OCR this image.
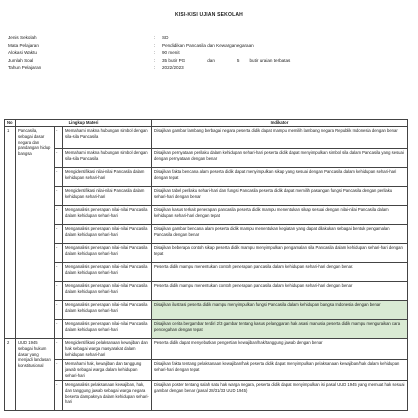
KISI-KISI UJIAN SEKOLAH
Jenis Sekolah	:	SD
Mata Pelajaran	:	Pendidikan Pancasila dan Kewarganegaraan
Alokasi Waktu	:	90 menit
Jumlah Soal	:	35 butir PG	dan	5 butir uraian terbatas
Tahun Pelajaran	:	2022/2023
No	Lingkup Materi			Indikator
1	Pancasila, sebagai dasar negara dan pandangan hidup bangsa	-	Memahami makna hubungan simbol dengan sila-sila Pancasila	Disajikan gambar lambang berbagai negara peserta didik dapat mampu memilih lambang negara Republik Indonesia dengan benar
		-	Memahami makna hubungan simbol dengan sila-sila Pancasila	Disajikan pernyataan perilaku dalam kehidupan sehari-hari peserta didik dapat menyimpulkan simbol sila dalam Pancasila yang sesuai dengan pernyataan dengan benar
		-	Mengidentifikasi nilai-nilai Pancasila dalam kehidupan sehari-hari	Disajikan fakta bencana alam peserta didik dapat menyimpulkan sikap yang sesuai dengan Pancasila dalam kehidupan sehari-hari dengan tepat
		-	Mengidentifikasi nilai-nilai Pancasila dalam kehidupan sehari-hari	Disajikan tabel perilaku sehari-hari dan fungsi Pancasila peserta didik dapat memilih pasangan fungsi Pancasila dengan perilaku sehari-hari dengan benar
		-	Menganalisis penerapan nilai-nilai Pancasila dalam kehidupan sehari-hari	Disajikan kasus terkait penerapan pancasila peserta didik mampu menentukan sikap sesuai dengan nilai-nilai Pancasila dalam kehidupan sehari-hari dengan tepat
		-	Menganalisis penerapan nilai-nilai Pancasila dalam kehidupan sehari-hari	Disajikan gambar bencana alam peserta didik mampu menentukan kegiatan yang dapat dilakukan sebagai bentuk pengamalan Pancasila dengan benar
		-	Menganalisis penerapan nilai-nilai Pancasila dalam kehidupan sehari-hari	Disajikan beberapa contoh sikap peserta didik mampu menyimpulkan pengamalan sila Pancasila dalam kehidupan sehari-hari dengan tepat
		-	Menganalisis penerapan nilai-nilai Pancasila dalam kehidupan sehari-hari	Peserta didik mampu menentukan contoh penerapan pancasila dalam kehidupan sehari-hari dengan benar.
		-	Menganalisis penerapan nilai-nilai Pancasila dalam kehidupan sehari-hari	Peserta didik mampu menentukan contoh penerapan pancasila dalam kehidupan sehari-hari dengan benar
		-	Menganalisis penerapan nilai-nilai Pancasila dalam kehidupan sehari-hari	Disajikan ilustrasi peserta didik mampu menyimpulkan fungsi Pancasila dalam kehidupan bangsa Indonesia dengan benar
		-	Menganalisis penerapan nilai-nilai Pancasila dalam kehidupan sehari-hari	Disajikan cerita bergambar terdiri 2/3 gambar tentang kasus pelanggaran hak asasi manusia peserta didik mampu menguraikan cara pencegahan dengan tepat
2	UUD 1945 sebagai hukum dasar yang menjadi landasan konstitusional	-	Mengidentifikasi pelaksanaan kewajiban dan hak sebagai warga masyarakat dalam kehidupan sehari-hari	Peserta didik dapat menyebutkan pengertian kewajiban/hak/tanggung jawab dengan benar
		-	Memahami hak, kewajiban dan tanggung jawab sebagai warga dalam kehidupan sehari-hari	Disajikan fakta tentang pelaksanaan kewajiban/hak peserta didik dapat menyimpulkan pelaksanaan kewajiban/hak dalam kehidupan sehari-hari dengan tepat
		-	Menganalisis pelaksanaan kewajiban, hak, dan tanggung jawab sebagai warga negara beserta dampaknya dalam kehidupan sehari-hari	Disajikan poster tentang salah satu hak warga negara, peserta didik dapat menyimpulkan isi pasal UUD 1945 yang memuat hak sesuai gambar dengan benar (pasal 28/31/33 UUD 1945)
